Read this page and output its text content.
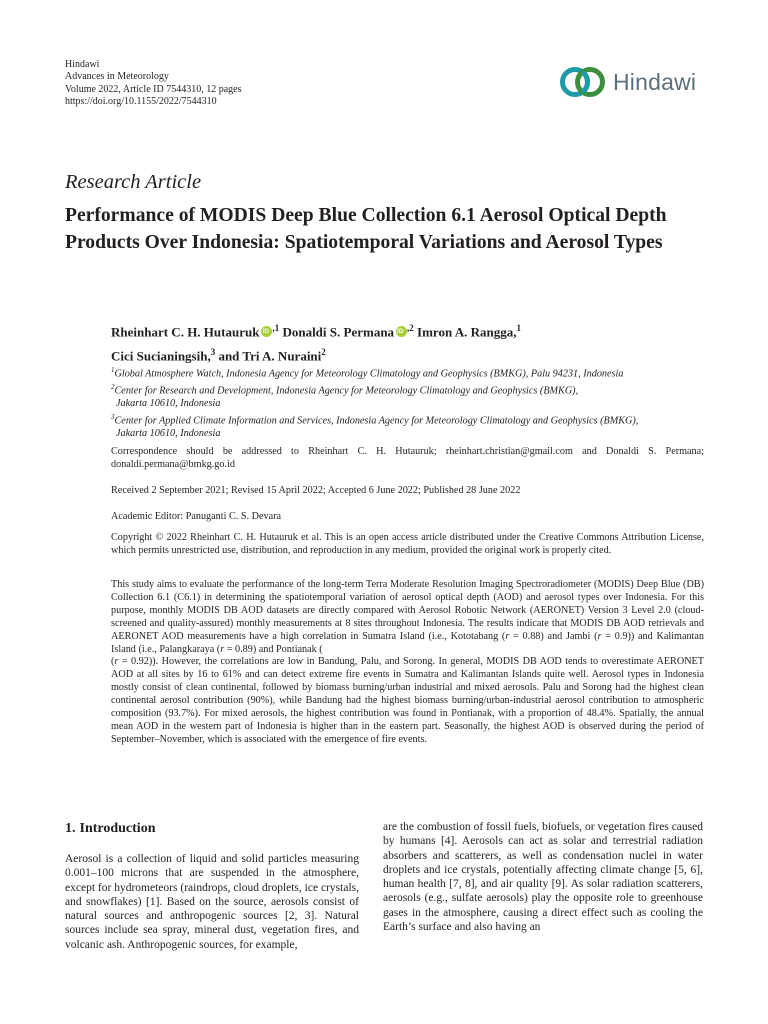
Hindawi
Advances in Meteorology
Volume 2022, Article ID 7544310, 12 pages
https://doi.org/10.1155/2022/7544310
Hindawi
Research Article
Performance of MODIS Deep Blue Collection 6.1 Aerosol Optical Depth Products Over Indonesia: Spatiotemporal Variations and Aerosol Types
Rheinhart C. H. Hutauruk iD $^{,1}$ Donaldi S. Permana iD $^{,2}$ Imron A. Rangga,$^1$
Cici Sucianingsih,$^3$ and Tri A. Nuraini$^2$
$^1$Global Atmosphere Watch, Indonesia Agency for Meteorology Climatology and Geophysics (BMKG), Palu 94231, Indonesia
$^2$Center for Research and Development, Indonesia Agency for Meteorology Climatology and Geophysics (BMKG),
Jakarta 10610, Indonesia
$^3$Center for Applied Climate Information and Services, Indonesia Agency for Meteorology Climatology and Geophysics (BMKG),
Jakarta 10610, Indonesia
Correspondence should be addressed to Rheinhart C. H. Hutauruk; rheinhart.christian@gmail.com and Donaldi S. Permana; donaldi.permana@bmkg.go.id
Received 2 September 2021; Revised 15 April 2022; Accepted 6 June 2022; Published 28 June 2022
Academic Editor: Panuganti C. S. Devara
Copyright © 2022 Rheinhart C. H. Hutauruk et al. This is an open access article distributed under the Creative Commons Attribution License, which permits unrestricted use, distribution, and reproduction in any medium, provided the original work is properly cited.
This study aims to evaluate the performance of the long-term Terra Moderate Resolution Imaging Spectroradiometer (MODIS) Deep Blue (DB) Collection 6.1 (C6.1) in determining the spatiotemporal variation of aerosol optical depth (AOD) and aerosol types over Indonesia. For this purpose, monthly MODIS DB AOD datasets are directly compared with Aerosol Robotic Network (AERONET) Version 3 Level 2.0 (cloud-screened and quality-assured) monthly measurements at 8 sites throughout Indonesia. The results indicate that MODIS DB AOD retrievals and AERONET AOD measurements have a high correlation in Sumatra Island (i.e., Kototabang (r = 0.88) and Jambi (r = 0.9)) and Kalimantan Island (i.e., Palangkaraya (r = 0.89) and Pontianak (
(r = 0.92)). However, the correlations are low in Bandung, Palu, and Sorong. In general, MODIS DB AOD tends to overestimate AERONET AOD at all sites by 16 to 61% and can detect extreme fire events in Sumatra and Kalimantan Islands quite well. Aerosol types in Indonesia mostly consist of clean continental, followed by biomass burning/urban industrial and mixed aerosols. Palu and Sorong had the highest clean continental aerosol contribution (90%), while Bandung had the highest biomass burning/urban-industrial aerosol contribution to atmospheric composition (93.7%). For mixed aerosols, the highest contribution was found in Pontianak, with a proportion of 48.4%. Spatially, the annual mean AOD in the western part of Indonesia is higher than in the eastern part. Seasonally, the highest AOD is observed during the period of September–November, which is associated with the emergence of fire events.
1. Introduction
Aerosol is a collection of liquid and solid particles measuring 0.001–100 microns that are suspended in the atmosphere, except for hydrometeors (raindrops, cloud droplets, ice crystals, and snowflakes) [1]. Based on the source, aerosols consist of natural sources and anthropogenic sources [2, 3]. Natural sources include sea spray, mineral dust, vegetation fires, and volcanic ash. Anthropogenic sources, for example,
are the combustion of fossil fuels, biofuels, or vegetation fires caused by humans [4]. Aerosols can act as solar and terrestrial radiation absorbers and scatterers, as well as condensation nuclei in water droplets and ice crystals, potentially affecting climate change [5, 6], human health [7, 8], and air quality [9]. As solar radiation scatterers, aerosols (e.g., sulfate aerosols) play the opposite role to greenhouse gases in the atmosphere, causing a direct effect such as cooling the Earth’s surface and also having an
